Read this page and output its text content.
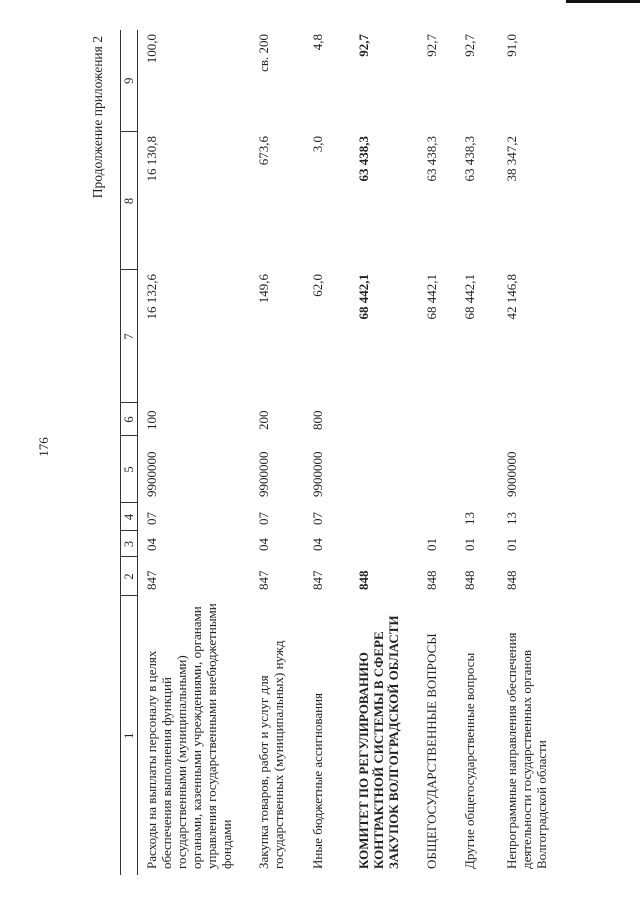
176
Продолжение приложения 2
1	2	3	4	5	6	7	8	9
Расходы на выплаты персоналу в целях обеспечения выполнения функций государственными (муниципальными) органами, казенными учреждениями, органами управления государственными внебюджетными фондами	847	04	07	9900000	100	16 132,6	16 130,8	100,0
Закупка товаров, работ и услуг для государственных (муниципальных) нужд	847	04	07	9900000	200	149,6	673,6	св. 200
Иные бюджетные ассигнования	847	04	07	9900000	800	62,0	3,0	4,8
КОМИТЕТ ПО РЕГУЛИРОВАНИЮ КОНТРАКТНОЙ СИСТЕМЫ В СФЕРЕ ЗАКУПОК ВОЛГОГРАДСКОЙ ОБЛАСТИ	848					68 442,1	63 438,3	92,7
ОБЩЕГОСУДАРСТВЕННЫЕ ВОПРОСЫ	848	01				68 442,1	63 438,3	92,7
Другие общегосударственные вопросы	848	01	13			68 442,1	63 438,3	92,7
Непрограммные направления обеспечения деятельности государственных органов Волгоградской области	848	01	13	9000000		42 146,8	38 347,2	91,0
